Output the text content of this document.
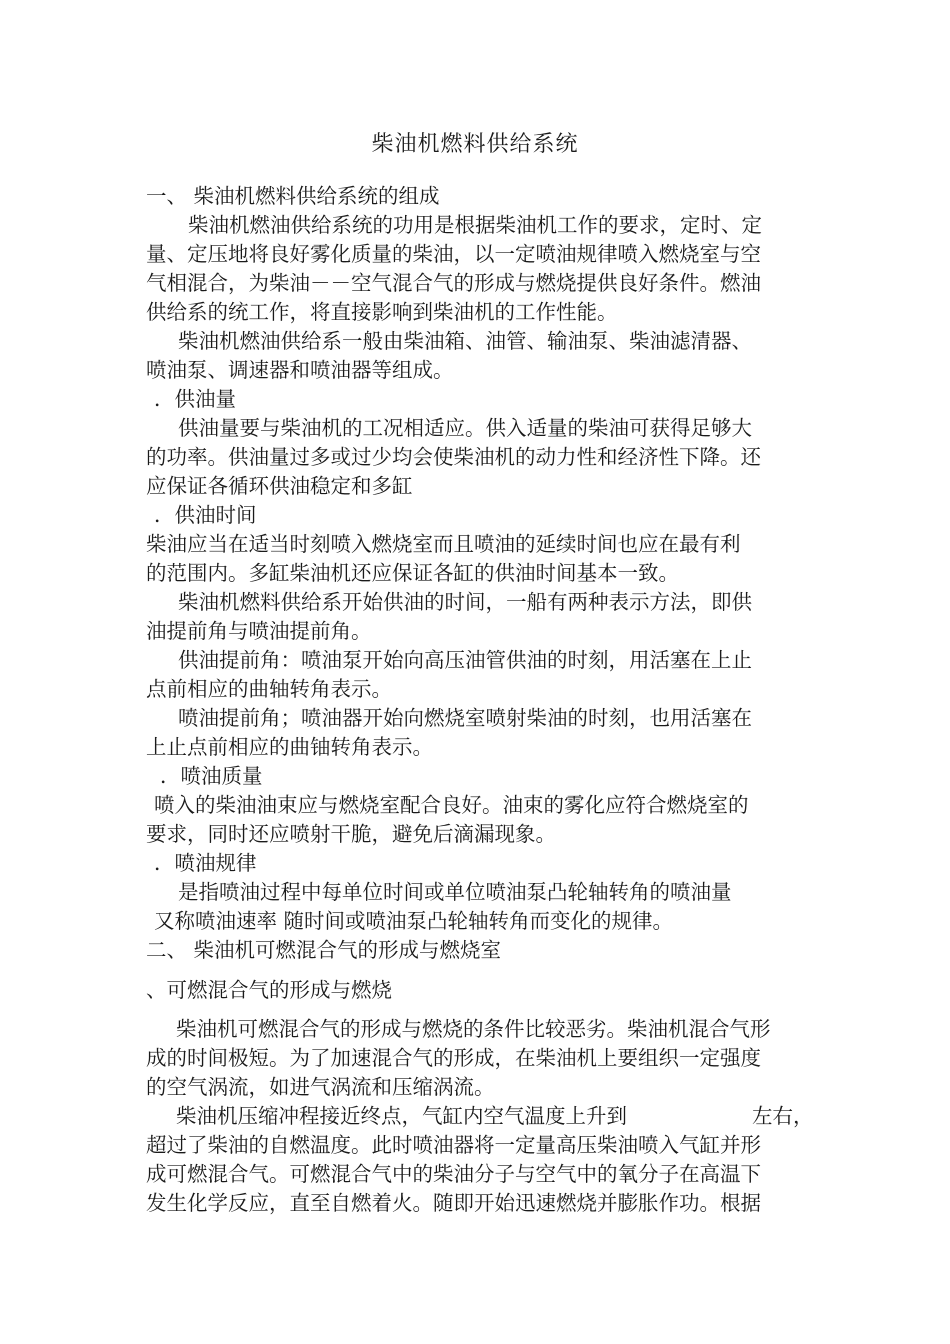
柴油机燃料供给系统
一、 柴油机燃料供给系统的组成
柴油机燃油供给系统的功用是根据柴油机工作的要求，定时、定
量、定压地将良好雾化质量的柴油，以一定喷油规律喷入燃烧室与空
气相混合，为柴油－－空气混合气的形成与燃烧提供良好条件。燃油
供给系的统工作，将直接影响到柴油机的工作性能。
柴油机燃油供给系一般由柴油箱、油管、输油泵、柴油滤清器、
喷油泵、调速器和喷油器等组成。
．供油量
供油量要与柴油机的工况相适应。供入适量的柴油可获得足够大
的功率。供油量过多或过少均会使柴油机的动力性和经济性下降。还
应保证各循环供油稳定和多缸
．供油时间
柴油应当在适当时刻喷入燃烧室而且喷油的延续时间也应在最有利
的范围内。多缸柴油机还应保证各缸的供油时间基本一致。
柴油机燃料供给系开始供油的时间，一船有两种表示方法，即供
油提前角与喷油提前角。
供油提前角：喷油泵开始向高压油管供油的时刻，用活塞在上止
点前相应的曲轴转角表示。
喷油提前角；喷油器开始向燃烧室喷射柴油的时刻，也用活塞在
上止点前相应的曲铀转角表示。
．喷油质量
喷入的柴油油束应与燃烧室配合良好。油束的雾化应符合燃烧室的
要求，同时还应喷射干脆，避免后滴漏现象。
．喷油规律
是指喷油过程中每单位时间或单位喷油泵凸轮轴转角的喷油量
又称喷油速率 随时间或喷油泵凸轮轴转角而变化的规律。
二、 柴油机可燃混合气的形成与燃烧室
、可燃混合气的形成与燃烧
柴油机可燃混合气的形成与燃烧的条件比较恶劣。柴油机混合气形
成的时间极短。为了加速混合气的形成，在柴油机上要组织一定强度
的空气涡流，如进气涡流和压缩涡流。
柴油机压缩冲程接近终点，气缸内空气温度上升到	左右，
超过了柴油的自燃温度。此时喷油器将一定量高压柴油喷入气缸并形
成可燃混合气。可燃混合气中的柴油分子与空气中的氧分子在高温下
发生化学反应，直至自燃着火。随即开始迅速燃烧并膨胀作功。根据
